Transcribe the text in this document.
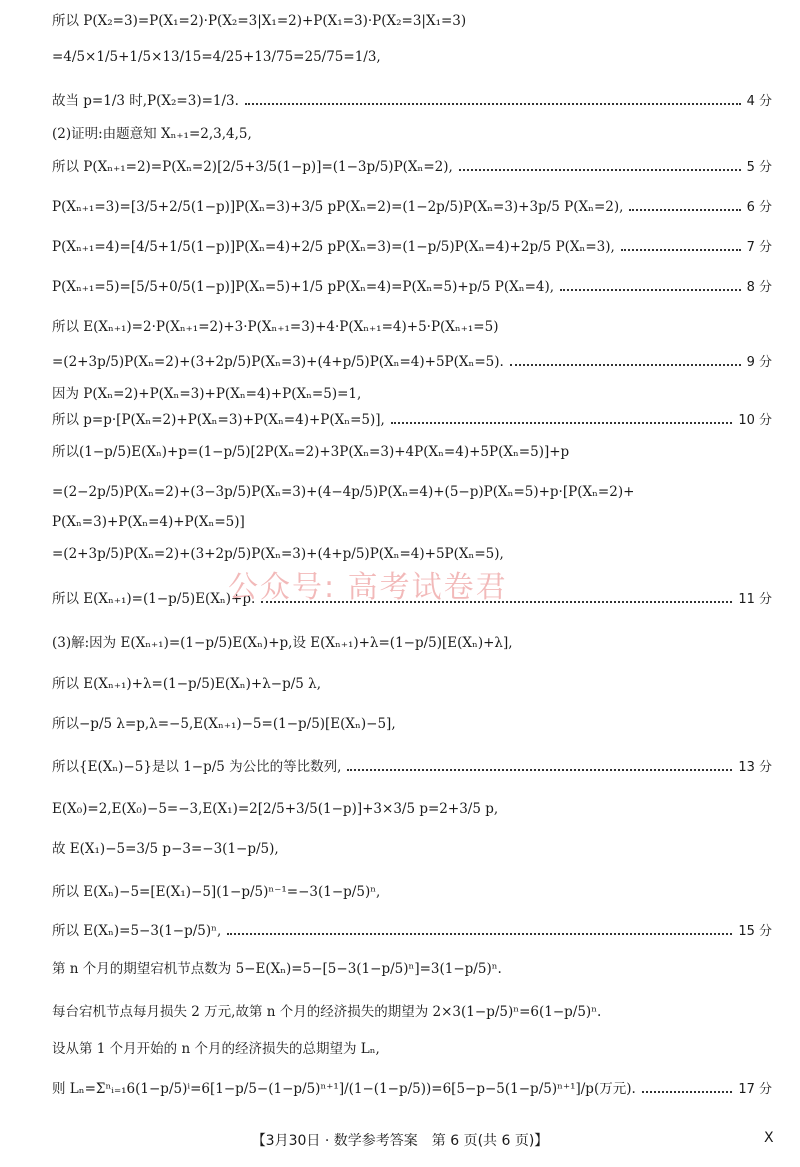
所以 P(X₂=3)=P(X₁=2)·P(X₂=3|X₁=2)+P(X₁=3)·P(X₂=3|X₁=3)
=4/5×1/5+1/5×13/15=4/25+13/75=25/75=1/3,
故当 p=1/3 时,P(X₂=3)=1/3.	4 分
(2)证明:由题意知 Xₙ₊₁=2,3,4,5,
所以 P(Xₙ₊₁=2)=P(Xₙ=2)[2/5+3/5(1−p)]=(1−3p/5)P(Xₙ=2),	5 分
P(Xₙ₊₁=3)=[3/5+2/5(1−p)]P(Xₙ=3)+3/5 pP(Xₙ=2)=(1−2p/5)P(Xₙ=3)+3p/5 P(Xₙ=2),	6 分
P(Xₙ₊₁=4)=[4/5+1/5(1−p)]P(Xₙ=4)+2/5 pP(Xₙ=3)=(1−p/5)P(Xₙ=4)+2p/5 P(Xₙ=3),	7 分
P(Xₙ₊₁=5)=[5/5+0/5(1−p)]P(Xₙ=5)+1/5 pP(Xₙ=4)=P(Xₙ=5)+p/5 P(Xₙ=4),	8 分
所以 E(Xₙ₊₁)=2·P(Xₙ₊₁=2)+3·P(Xₙ₊₁=3)+4·P(Xₙ₊₁=4)+5·P(Xₙ₊₁=5)
=(2+3p/5)P(Xₙ=2)+(3+2p/5)P(Xₙ=3)+(4+p/5)P(Xₙ=4)+5P(Xₙ=5).	9 分
因为 P(Xₙ=2)+P(Xₙ=3)+P(Xₙ=4)+P(Xₙ=5)=1,
所以 p=p·[P(Xₙ=2)+P(Xₙ=3)+P(Xₙ=4)+P(Xₙ=5)],	10 分
所以(1−p/5)E(Xₙ)+p=(1−p/5)[2P(Xₙ=2)+3P(Xₙ=3)+4P(Xₙ=4)+5P(Xₙ=5)]+p
=(2−2p/5)P(Xₙ=2)+(3−3p/5)P(Xₙ=3)+(4−4p/5)P(Xₙ=4)+(5−p)P(Xₙ=5)+p·[P(Xₙ=2)+
P(Xₙ=3)+P(Xₙ=4)+P(Xₙ=5)]
=(2+3p/5)P(Xₙ=2)+(3+2p/5)P(Xₙ=3)+(4+p/5)P(Xₙ=4)+5P(Xₙ=5),
所以 E(Xₙ₊₁)=(1−p/5)E(Xₙ)+p.	11 分
(3)解:因为 E(Xₙ₊₁)=(1−p/5)E(Xₙ)+p,设 E(Xₙ₊₁)+λ=(1−p/5)[E(Xₙ)+λ],
所以 E(Xₙ₊₁)+λ=(1−p/5)E(Xₙ)+λ−p/5 λ,
所以−p/5 λ=p,λ=−5,E(Xₙ₊₁)−5=(1−p/5)[E(Xₙ)−5],
所以{E(Xₙ)−5}是以 1−p/5 为公比的等比数列,	13 分
E(X₀)=2,E(X₀)−5=−3,E(X₁)=2[2/5+3/5(1−p)]+3×3/5 p=2+3/5 p,
故 E(X₁)−5=3/5 p−3=−3(1−p/5),
所以 E(Xₙ)−5=[E(X₁)−5](1−p/5)ⁿ⁻¹=−3(1−p/5)ⁿ,
所以 E(Xₙ)=5−3(1−p/5)ⁿ,	15 分
第 n 个月的期望宕机节点数为 5−E(Xₙ)=5−[5−3(1−p/5)ⁿ]=3(1−p/5)ⁿ.
每台宕机节点每月损失 2 万元,故第 n 个月的经济损失的期望为 2×3(1−p/5)ⁿ=6(1−p/5)ⁿ.
设从第 1 个月开始的 n 个月的经济损失的总期望为 Lₙ,
则 Lₙ=Σⁿᵢ₌₁6(1−p/5)ⁱ=6[1−p/5−(1−p/5)ⁿ⁺¹]/(1−(1−p/5))=6[5−p−5(1−p/5)ⁿ⁺¹]/p(万元).	17 分
公众号: 高考试卷君
【3月30日 · 数学参考答案　第 6 页(共 6 页)】	X
